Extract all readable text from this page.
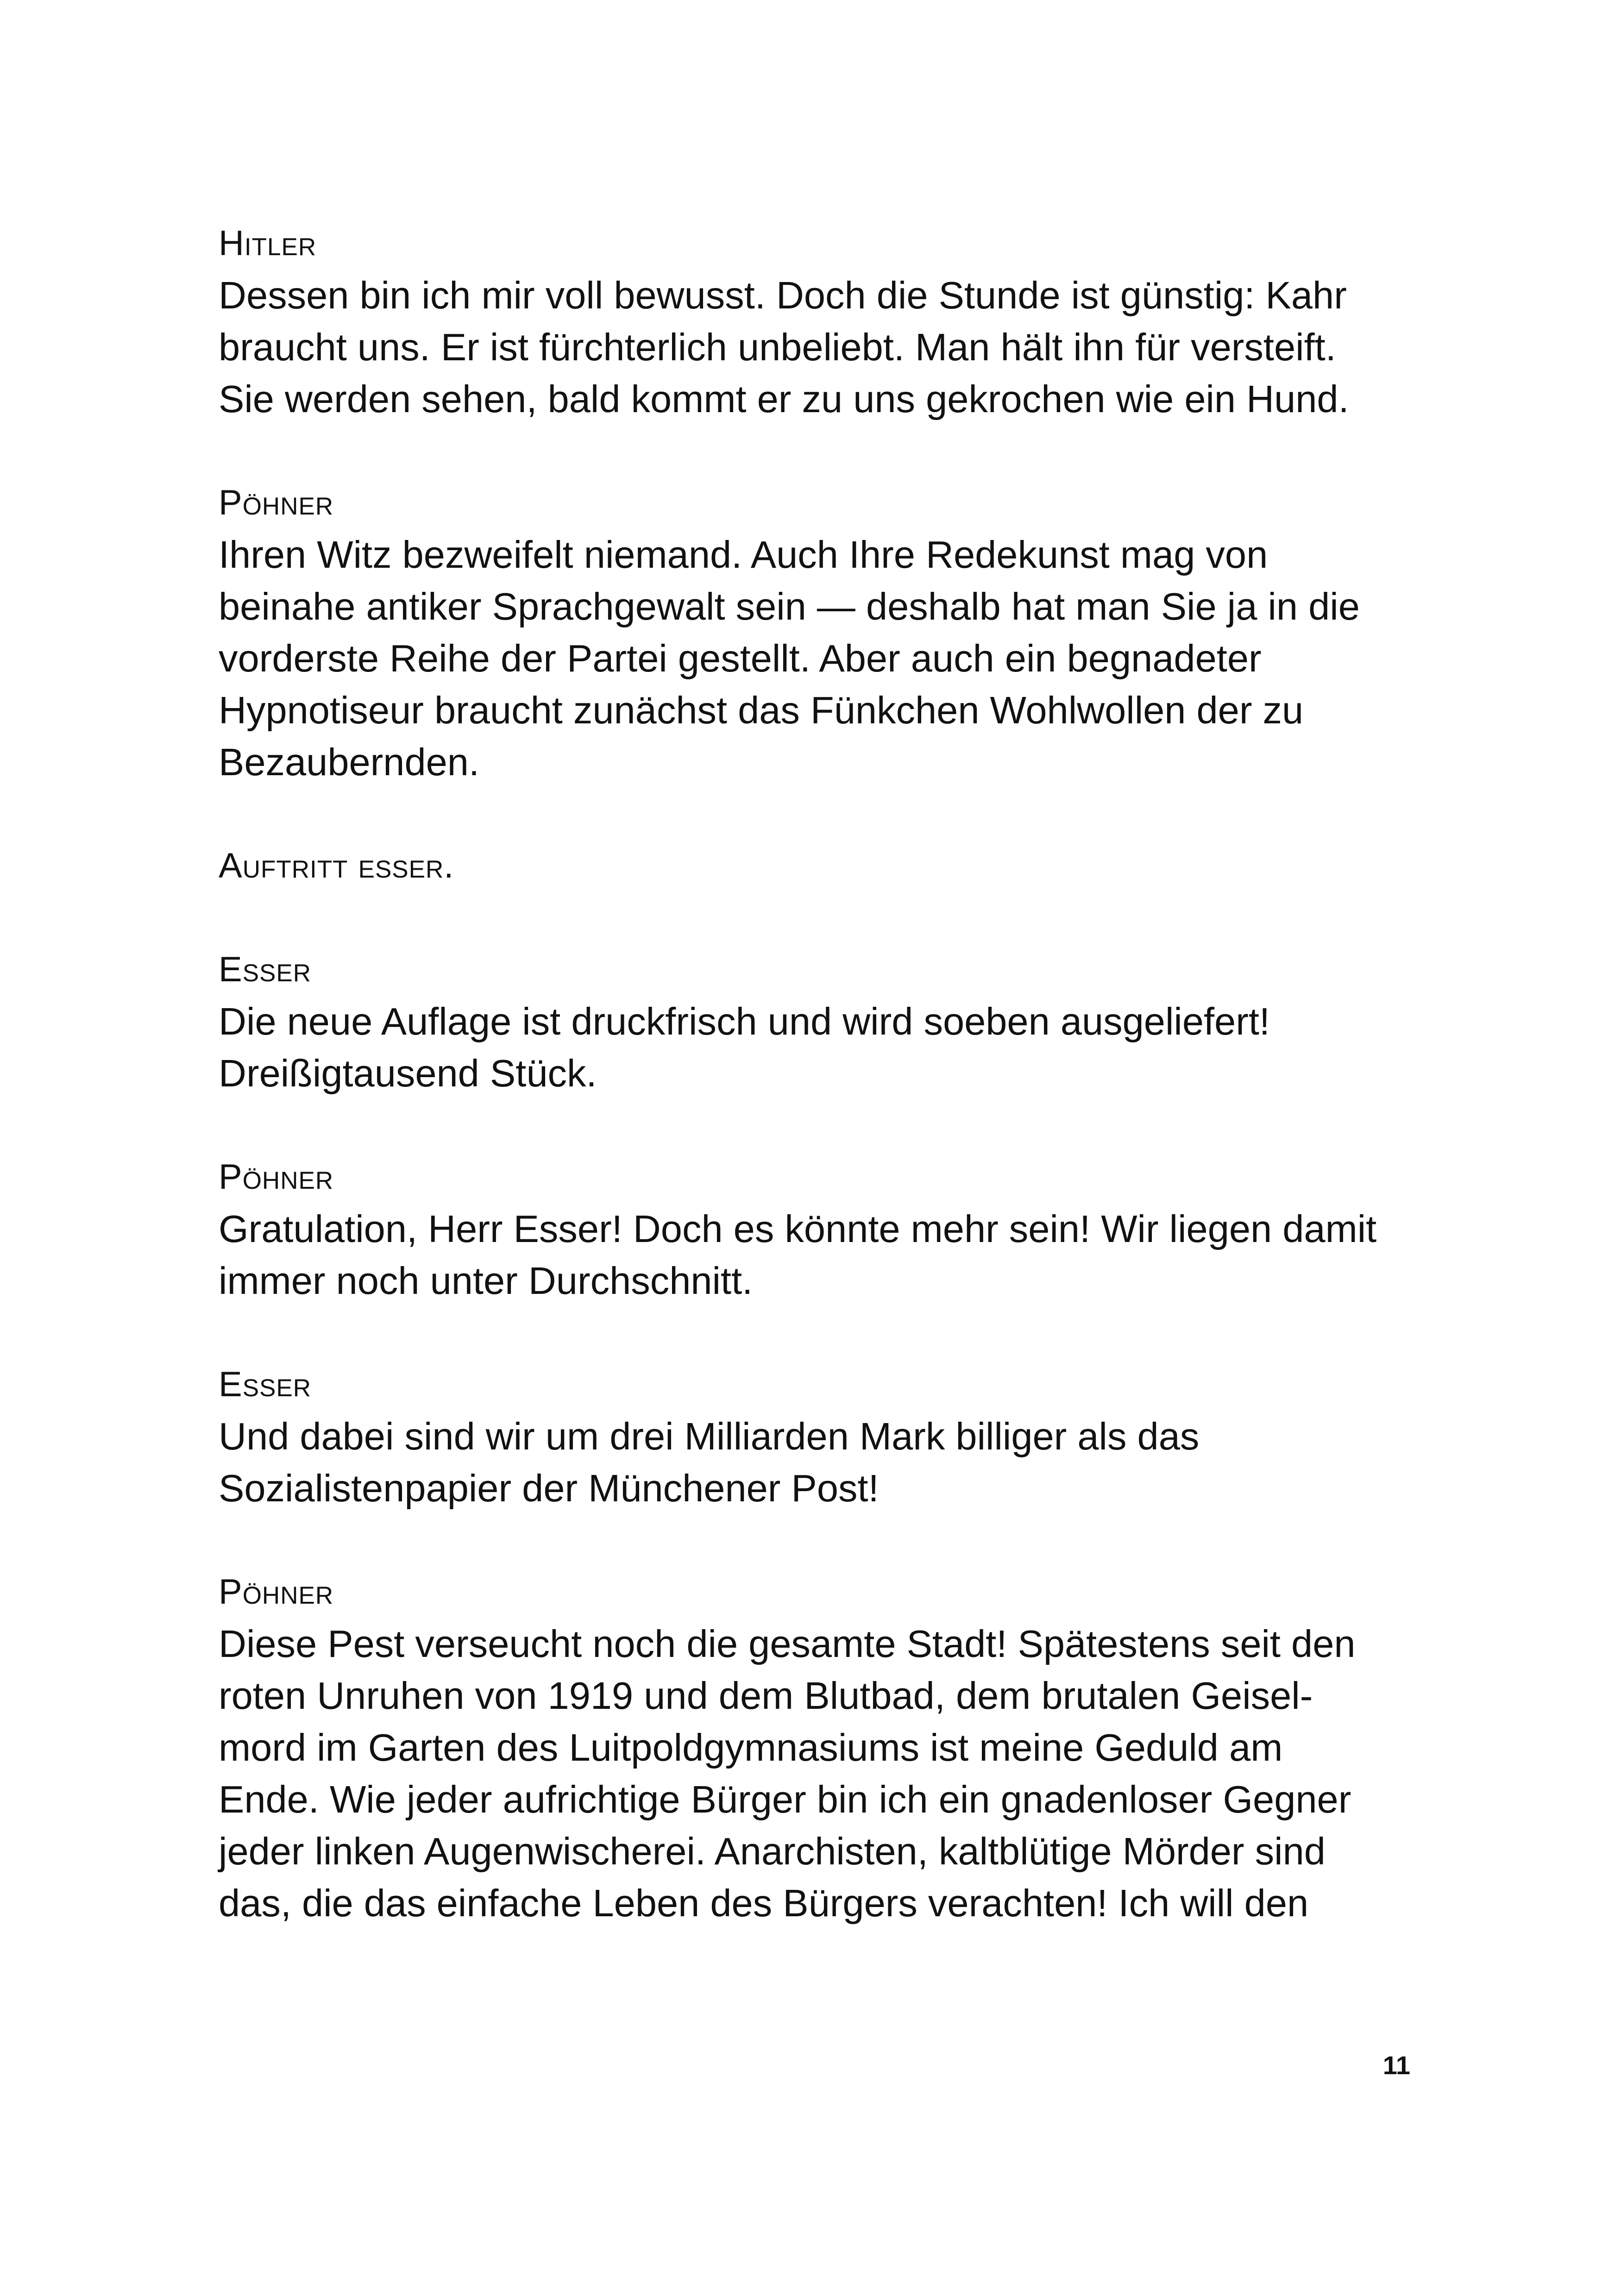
Hitler
Dessen bin ich mir voll bewusst. Doch die Stunde ist günstig: Kahr
braucht uns. Er ist fürchterlich unbeliebt. Man hält ihn für versteift.
Sie werden sehen, bald kommt er zu uns gekrochen wie ein Hund.
Pöhner
Ihren Witz bezweifelt niemand. Auch Ihre Redekunst mag von
beinahe antiker Sprachgewalt sein — deshalb hat man Sie ja in die
vorderste Reihe der Partei gestellt. Aber auch ein begnadeter
Hypnotiseur braucht zunächst das Fünkchen Wohlwollen der zu
Bezaubernden.
Auftritt esser.
Esser
Die neue Auflage ist druckfrisch und wird soeben ausgeliefert!
Dreißigtausend Stück.
Pöhner
Gratulation, Herr Esser! Doch es könnte mehr sein! Wir liegen damit
immer noch unter Durchschnitt.
Esser
Und dabei sind wir um drei Milliarden Mark billiger als das
Sozialistenpapier der Münchener Post!
Pöhner
Diese Pest verseucht noch die gesamte Stadt! Spätestens seit den
roten Unruhen von 1919 und dem Blutbad, dem brutalen Geisel-
mord im Garten des Luitpoldgymnasiums ist meine Geduld am
Ende. Wie jeder aufrichtige Bürger bin ich ein gnadenloser Gegner
jeder linken Augenwischerei. Anarchisten, kaltblütige Mörder sind
das, die das einfache Leben des Bürgers verachten! Ich will den
11
